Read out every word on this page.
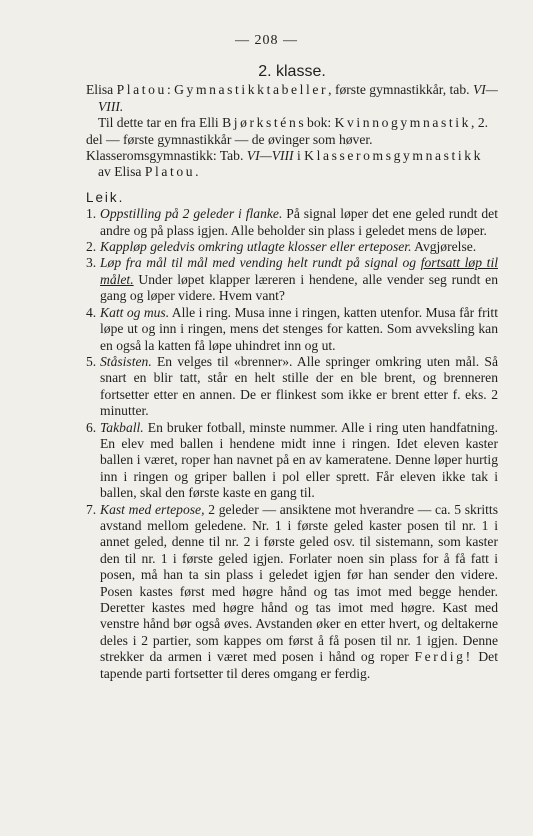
— 208 —
2. klasse.
Elisa Platou: Gymnastikktabeller, første gymnastikkår, tab. VI—VIII.
Til dette tar en fra Elli Bjørksténs bok: Kvinnogymnastik, 2. del — første gymnastikkår — de øvinger som høver.
Klasseromsgymnastikk: Tab. VI—VIII i Klasseromsgymnastikk av Elisa Platou.
Leik.
1. Oppstilling på 2 geleder i flanke. På signal løper det ene geled rundt det andre og på plass igjen. Alle beholder sin plass i geledet mens de løper.
2. Kappløp geledvis omkring utlagte klosser eller erteposer. Avgjørelse.
3. Løp fra mål til mål med vending helt rundt på signal og fortsatt løp til målet. Under løpet klapper læreren i hendene, alle vender seg rundt en gang og løper videre. Hvem vant?
4. Katt og mus. Alle i ring. Musa inne i ringen, katten utenfor. Musa får fritt løpe ut og inn i ringen, mens det stenges for katten. Som avveksling kan en også la katten få løpe uhindret inn og ut.
5. Ståsisten. En velges til «brenner». Alle springer omkring uten mål. Så snart en blir tatt, står en helt stille der en ble brent, og brenneren fortsetter etter en annen. De er flinkest som ikke er brent etter f. eks. 2 minutter.
6. Takball. En bruker fotball, minste nummer. Alle i ring uten handfatning. En elev med ballen i hendene midt inne i ringen. Idet eleven kaster ballen i været, roper han navnet på en av kameratene. Denne løper hurtig inn i ringen og griper ballen i pol eller sprett. Får eleven ikke tak i ballen, skal den første kaste en gang til.
7. Kast med ertepose, 2 geleder — ansiktene mot hverandre — ca. 5 skritts avstand mellom geledene. Nr. 1 i første geled kaster posen til nr. 1 i annet geled, denne til nr. 2 i første geled osv. til sistemann, som kaster den til nr. 1 i første geled igjen. Forlater noen sin plass for å få fatt i posen, må han ta sin plass i geledet igjen før han sender den videre. Posen kastes først med høgre hånd og tas imot med begge hender. Deretter kastes med høgre hånd og tas imot med høgre. Kast med venstre hånd bør også øves. Avstanden øker en etter hvert, og deltakerne deles i 2 partier, som kappes om først å få posen til nr. 1 igjen. Denne strekker da armen i været med posen i hånd og roper Ferdig! Det tapende parti fortsetter til deres omgang er ferdig.
